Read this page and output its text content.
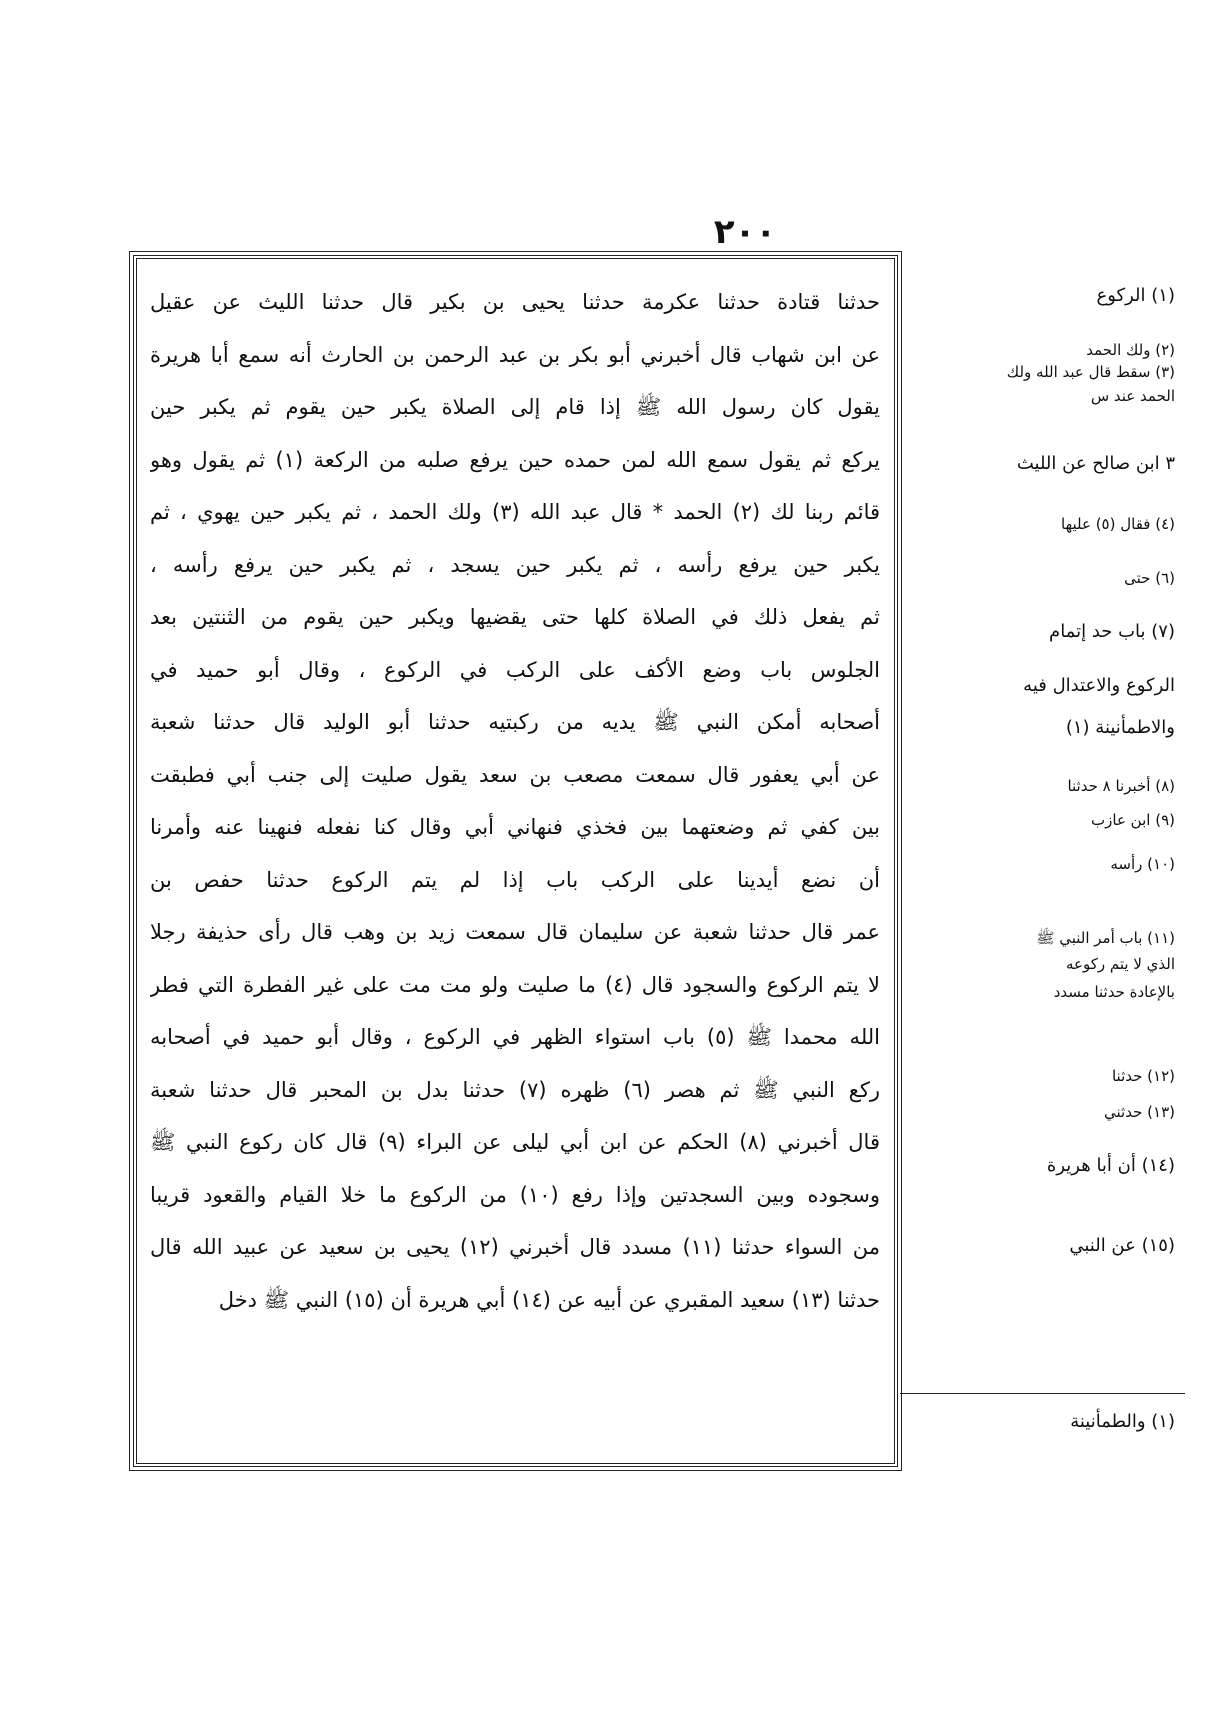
٢٠٠
حدثنا قتادة حدثنا عكرمة حدثنا يحيى بن بكير قال حدثنا الليث عن عقيل
عن ابن شهاب قال أخبرني أبو بكر بن عبد الرحمن بن الحارث أنه سمع أبا هريرة
يقول كان رسول الله ﷺ إذا قام إلى الصلاة يكبر حين يقوم ثم يكبر حين
يركع ثم يقول سمع الله لمن حمده حين يرفع صلبه من الركعة (١) ثم يقول وهو
قائم ربنا لك (٢) الحمد * قال عبد الله (٣) ولك الحمد ، ثم يكبر حين يهوي ، ثم
يكبر حين يرفع رأسه ، ثم يكبر حين يسجد ، ثم يكبر حين يرفع رأسه ،
ثم يفعل ذلك في الصلاة كلها حتى يقضيها ويكبر حين يقوم من الثنتين بعد
الجلوس باب وضع الأكف على الركب في الركوع ، وقال أبو حميد في
أصحابه أمكن النبي ﷺ يديه من ركبتيه حدثنا أبو الوليد قال حدثنا شعبة
عن أبي يعفور قال سمعت مصعب بن سعد يقول صليت إلى جنب أبي فطبقت
بين كفي ثم وضعتهما بين فخذي فنهاني أبي وقال كنا نفعله فنهينا عنه وأمرنا
أن نضع أيدينا على الركب باب إذا لم يتم الركوع حدثنا حفص بن
عمر قال حدثنا شعبة عن سليمان قال سمعت زيد بن وهب قال رأى حذيفة رجلا
لا يتم الركوع والسجود قال (٤) ما صليت ولو مت مت على غير الفطرة التي فطر
الله محمدا ﷺ (٥) باب استواء الظهر في الركوع ، وقال أبو حميد في أصحابه
ركع النبي ﷺ ثم هصر (٦) ظهره (٧) حدثنا بدل بن المحبر قال حدثنا شعبة
قال أخبرني (٨) الحكم عن ابن أبي ليلى عن البراء (٩) قال كان ركوع النبي ﷺ
وسجوده وبين السجدتين وإذا رفع (١٠) من الركوع ما خلا القيام والقعود قريبا
من السواء حدثنا (١١) مسدد قال أخبرني (١٢) يحيى بن سعيد عن عبيد الله قال
حدثنا (١٣) سعيد المقبري عن أبيه عن (١٤) أبي هريرة أن (١٥) النبي ﷺ دخل
(١) الركوع
(٢) ولك الحمد
(٣) سقط قال عبد الله ولك
الحمد عند س
٣ ابن صالح عن الليث
(٤) فقال (٥) عليها
(٦) حتى
(٧) باب حد إتمام
الركوع والاعتدال فيه
والاطمأنينة (١)
(٨) أخبرنا ٨ حدثنا
(٩) ابن عازب
(١٠) رأسه
(١١) باب أمر النبي ﷺ
الذي لا يتم ركوعه
بالإعادة حدثنا مسدد
(١٢) حدثنا
(١٣) حدثني
(١٤) أن أبا هريرة
(١٥) عن النبي
(١) والطمأنينة
